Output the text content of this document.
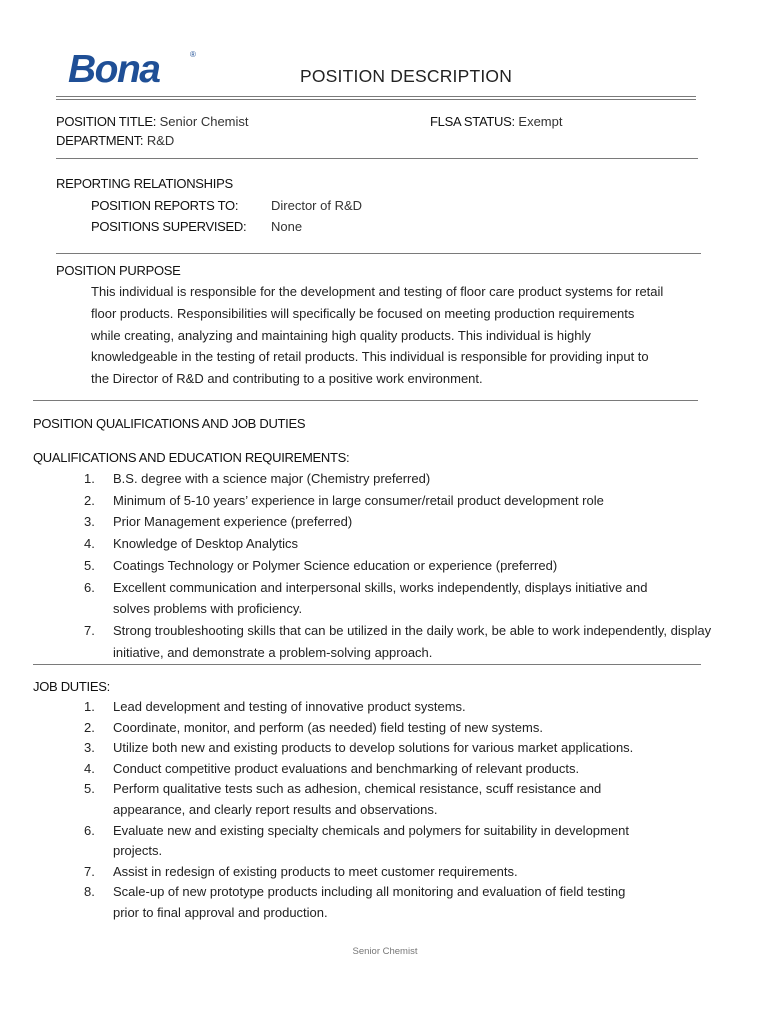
Bona	®
POSITION DESCRIPTION
POSITION TITLE: Senior Chemist	FLSA STATUS: Exempt
DEPARTMENT: R&D
REPORTING RELATIONSHIPS
POSITION REPORTS TO:	Director of R&D
POSITIONS SUPERVISED: None
POSITION PURPOSE
This individual is responsible for the development and testing of floor care product systems for retail
floor products. Responsibilities will specifically be focused on meeting production requirements
while creating, analyzing and maintaining high quality products. This individual is highly
knowledgeable in the testing of retail products. This individual is responsible for providing input to
the Director of R&D and contributing to a positive work environment.
POSITION QUALIFICATIONS AND JOB DUTIES
QUALIFICATIONS AND EDUCATION REQUIREMENTS:
1.	B.S. degree with a science major (Chemistry preferred)
2.	Minimum of 5-10 years’ experience in large consumer/retail product development role
3.	Prior Management experience (preferred)
4.	Knowledge of Desktop Analytics
5.	Coatings Technology or Polymer Science education or experience (preferred)
6.	Excellent communication and interpersonal skills, works independently, displays initiative and
solves problems with proficiency.
7.	Strong troubleshooting skills that can be utilized in the daily work, be able to work independently, display
initiative, and demonstrate a problem-solving approach.
JOB DUTIES:
1.	Lead development and testing of innovative product systems.
2.	Coordinate, monitor, and perform (as needed) field testing of new systems.
3.	Utilize both new and existing products to develop solutions for various market applications.
4.	Conduct competitive product evaluations and benchmarking of relevant products.
5.	Perform qualitative tests such as adhesion, chemical resistance, scuff resistance and
appearance, and clearly report results and observations.
6.	Evaluate new and existing specialty chemicals and polymers for suitability in development
projects.
7.	Assist in redesign of existing products to meet customer requirements.
8.	Scale-up of new prototype products including all monitoring and evaluation of field testing
prior to final approval and production.
Senior Chemist
